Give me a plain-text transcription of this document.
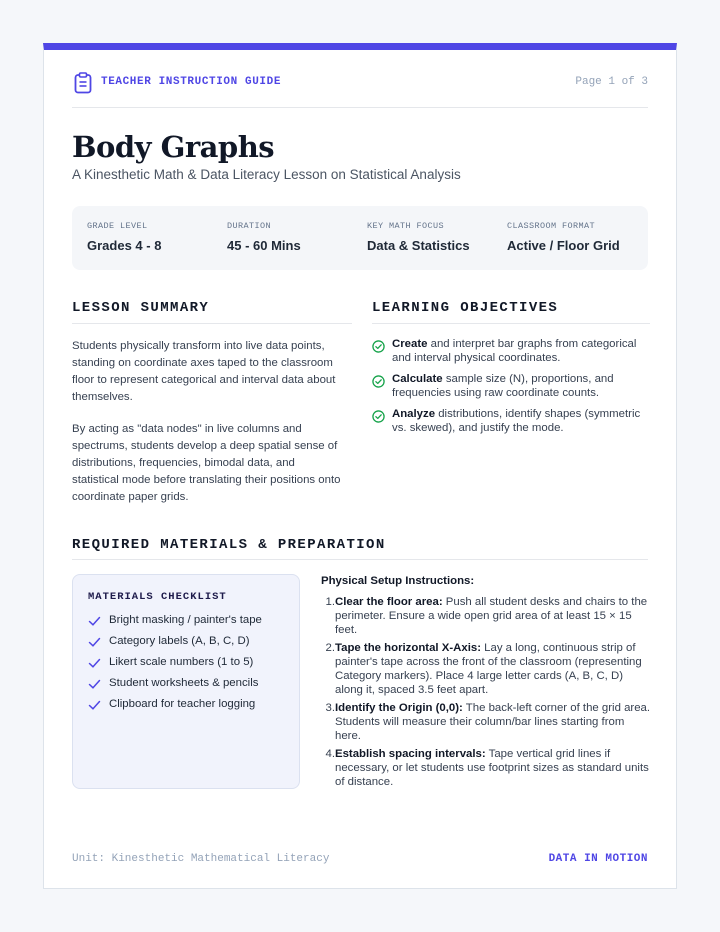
TEACHER INSTRUCTION GUIDE	Page 1 of 3
Body Graphs
A Kinesthetic Math & Data Literacy Lesson on Statistical Analysis
GRADE LEVEL
Grades 4 - 8
DURATION
45 - 60 Mins
KEY MATH FOCUS
Data & Statistics
CLASSROOM FORMAT
Active / Floor Grid
LESSON SUMMARY

Students physically transform into live data points, standing on coordinate axes taped to the classroom floor to represent categorical and interval data about themselves.

By acting as "data nodes" in live columns and spectrums, students develop a deep spatial sense of distributions, frequencies, bimodal data, and statistical mode before translating their positions onto coordinate paper grids.

LEARNING OBJECTIVES
Create and interpret bar graphs from categorical and interval physical coordinates.
Calculate sample size (N), proportions, and frequencies using raw coordinate counts.
Analyze distributions, identify shapes (symmetric vs. skewed), and justify the mode.
REQUIRED MATERIALS & PREPARATION
MATERIALS CHECKLIST
Bright masking / painter's tape
Category labels (A, B, C, D)
Likert scale numbers (1 to 5)
Student worksheets & pencils
Clipboard for teacher logging
Physical Setup Instructions:
1. Clear the floor area: Push all student desks and chairs to the perimeter. Ensure a wide open grid area of at least 15 × 15 feet.
2. Tape the horizontal X-Axis: Lay a long, continuous strip of painter's tape across the front of the classroom (representing Category markers). Place 4 large letter cards (A, B, C, D) along it, spaced 3.5 feet apart.
3. Identify the Origin (0,0): The back-left corner of the grid area. Students will measure their column/bar lines starting from here.
4. Establish spacing intervals: Tape vertical grid lines if necessary, or let students use footprint sizes as standard units of distance.
Unit: Kinesthetic Mathematical Literacy	DATA IN MOTION
